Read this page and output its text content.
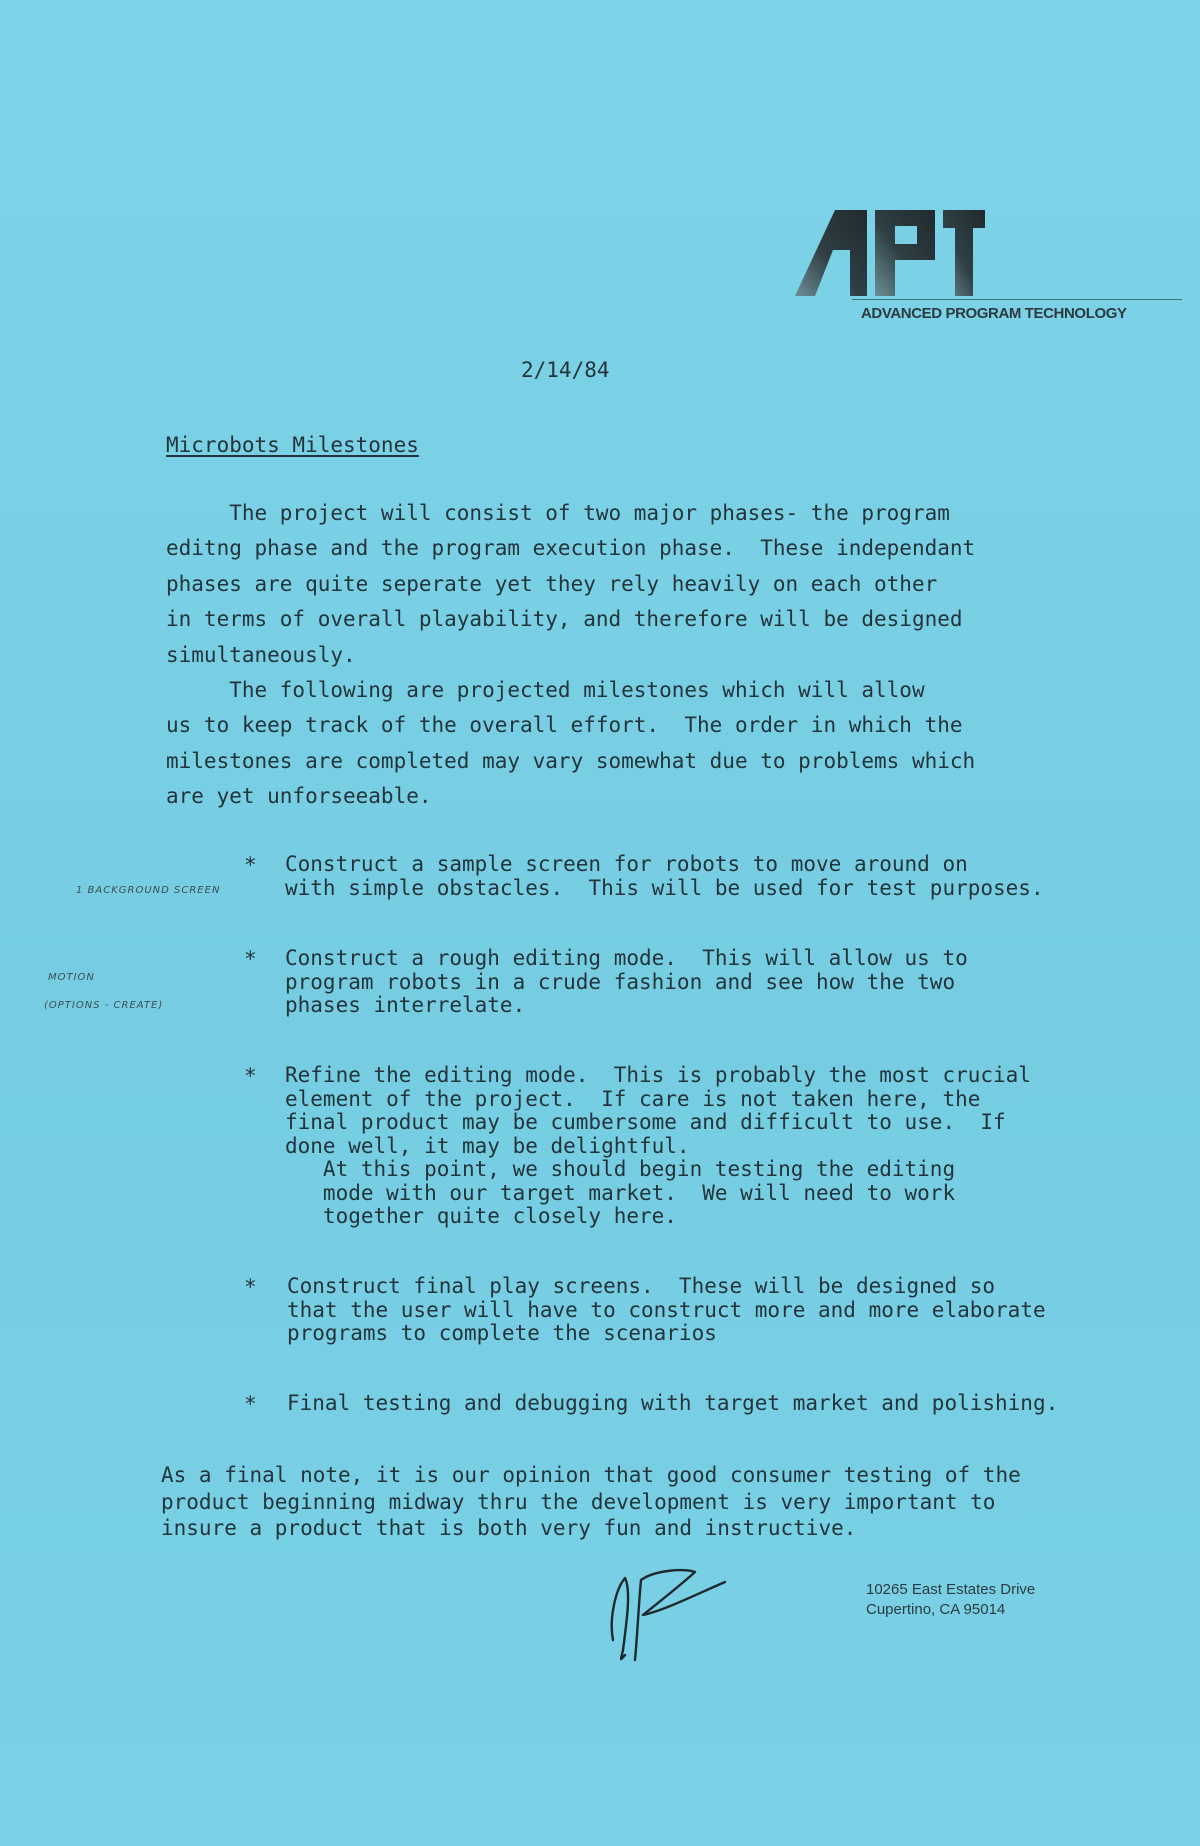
ADVANCED PROGRAM TECHNOLOGY
2/14/84
Microbots Milestones
The project will consist of two major phases- the program
editng phase and the program execution phase.  These independant
phases are quite seperate yet they rely heavily on each other
in terms of overall playability, and therefore will be designed
simultaneously.
The following are projected milestones which will allow
us to keep track of the overall effort.  The order in which the
milestones are completed may vary somewhat due to problems which
are yet unforseeable.
* Construct a sample screen for robots to move around on
with simple obstacles.  This will be used for test purposes.
1 BACKGROUND SCREEN
* Construct a rough editing mode.  This will allow us to
program robots in a crude fashion and see how the two
phases interrelate.
MOTION
(OPTIONS - CREATE)
* Refine the editing mode.  This is probably the most crucial
element of the project.  If care is not taken here, the
final product may be cumbersome and difficult to use.  If
done well, it may be delightful.
At this point, we should begin testing the editing
mode with our target market.  We will need to work
together quite closely here.
* Construct final play screens.  These will be designed so
that the user will have to construct more and more elaborate
programs to complete the scenarios
* Final testing and debugging with target market and polishing.
As a final note, it is our opinion that good consumer testing of the
product beginning midway thru the development is very important to
insure a product that is both very fun and instructive.
10265 East Estates Drive
Cupertino, CA 95014
